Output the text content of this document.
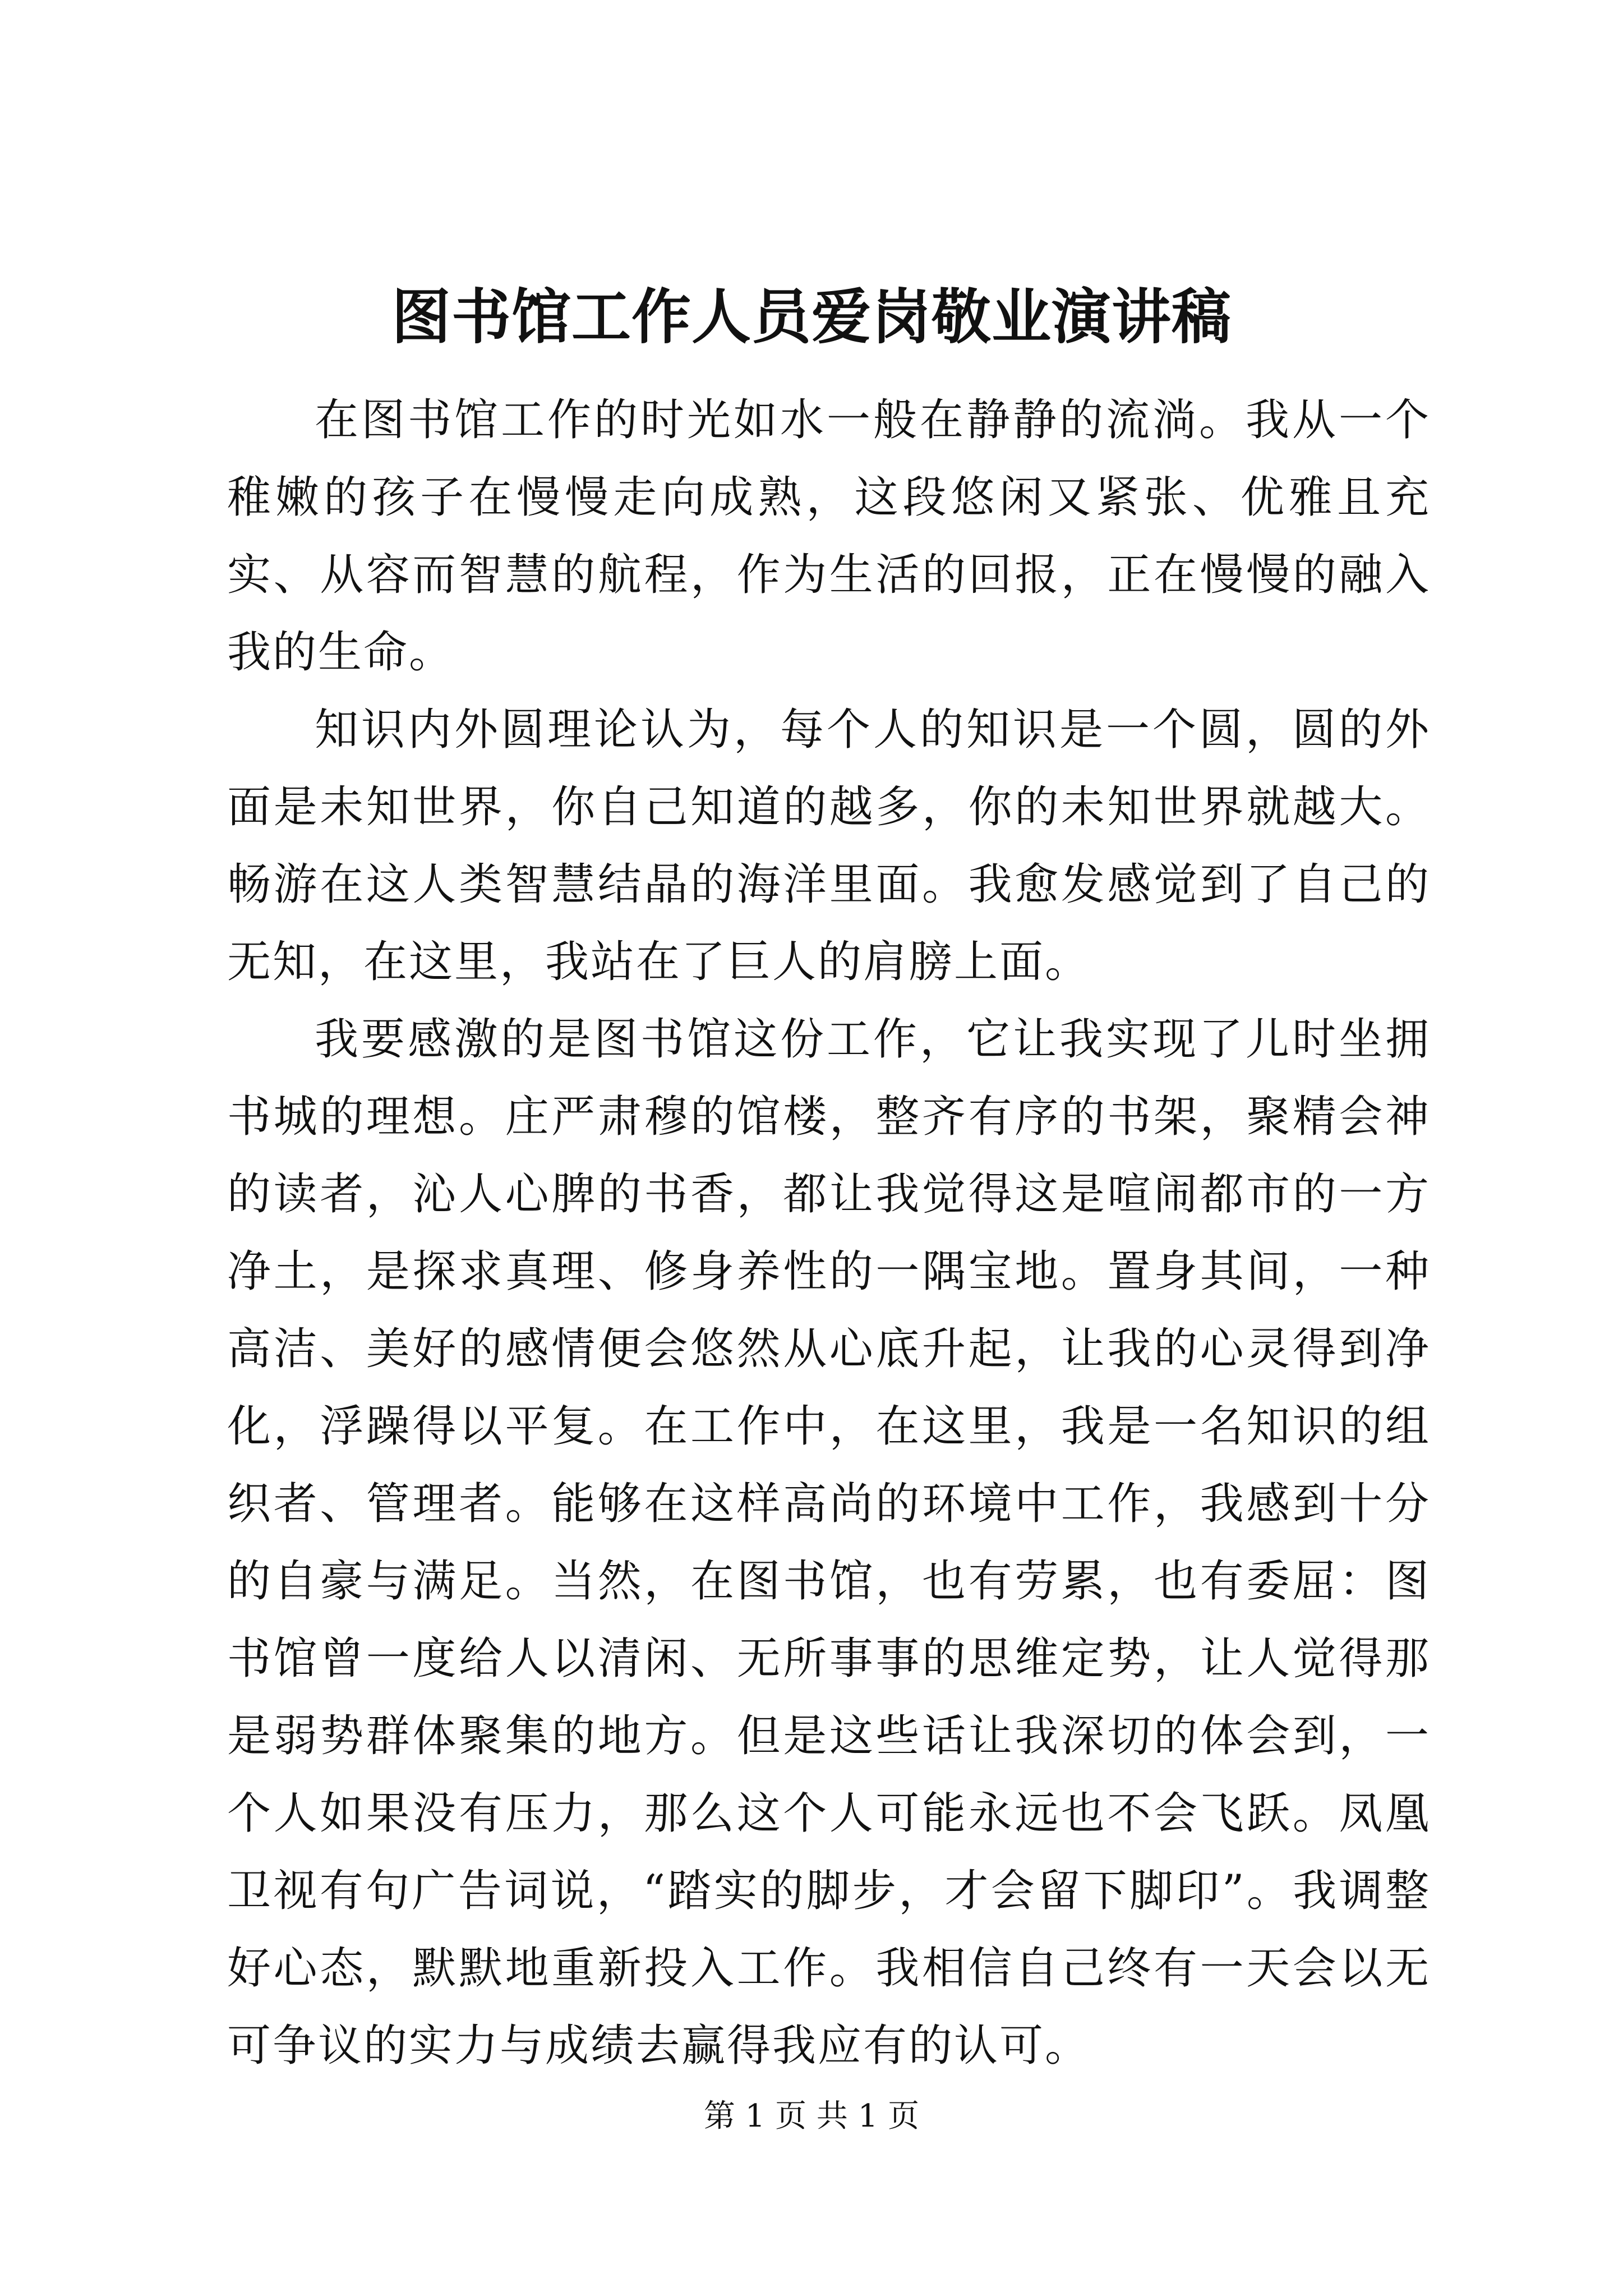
图书馆工作人员爱岗敬业演讲稿

在图书馆工作的时光如水一般在静静的流淌。我从一个稚嫩的孩子在慢慢走向成熟，这段悠闲又紧张、优雅且充实、从容而智慧的航程，作为生活的回报，正在慢慢的融入我的生命。

知识内外圆理论认为，每个人的知识是一个圆，圆的外面是未知世界，你自己知道的越多，你的未知世界就越大。畅游在这人类智慧结晶的海洋里面。我愈发感觉到了自己的无知，在这里，我站在了巨人的肩膀上面。

我要感激的是图书馆这份工作，它让我实现了儿时坐拥书城的理想。庄严肃穆的馆楼，整齐有序的书架，聚精会神的读者，沁人心脾的书香，都让我觉得这是喧闹都市的一方净土，是探求真理、修身养性的一隅宝地。置身其间，一种高洁、美好的感情便会悠然从心底升起，让我的心灵得到净化，浮躁得以平复。在工作中，在这里，我是一名知识的组织者、管理者。能够在这样高尚的环境中工作，我感到十分的自豪与满足。当然，在图书馆，也有劳累，也有委屈：图书馆曾一度给人以清闲、无所事事的思维定势，让人觉得那是弱势群体聚集的地方。但是这些话让我深切的体会到，一个人如果没有压力，那么这个人可能永远也不会飞跃。凤凰卫视有句广告词说，“踏实的脚步，才会留下脚印”。我调整好心态，默默地重新投入工作。我相信自己终有一天会以无可争议的实力与成绩去赢得我应有的认可。

第 1 页 共 1 页
